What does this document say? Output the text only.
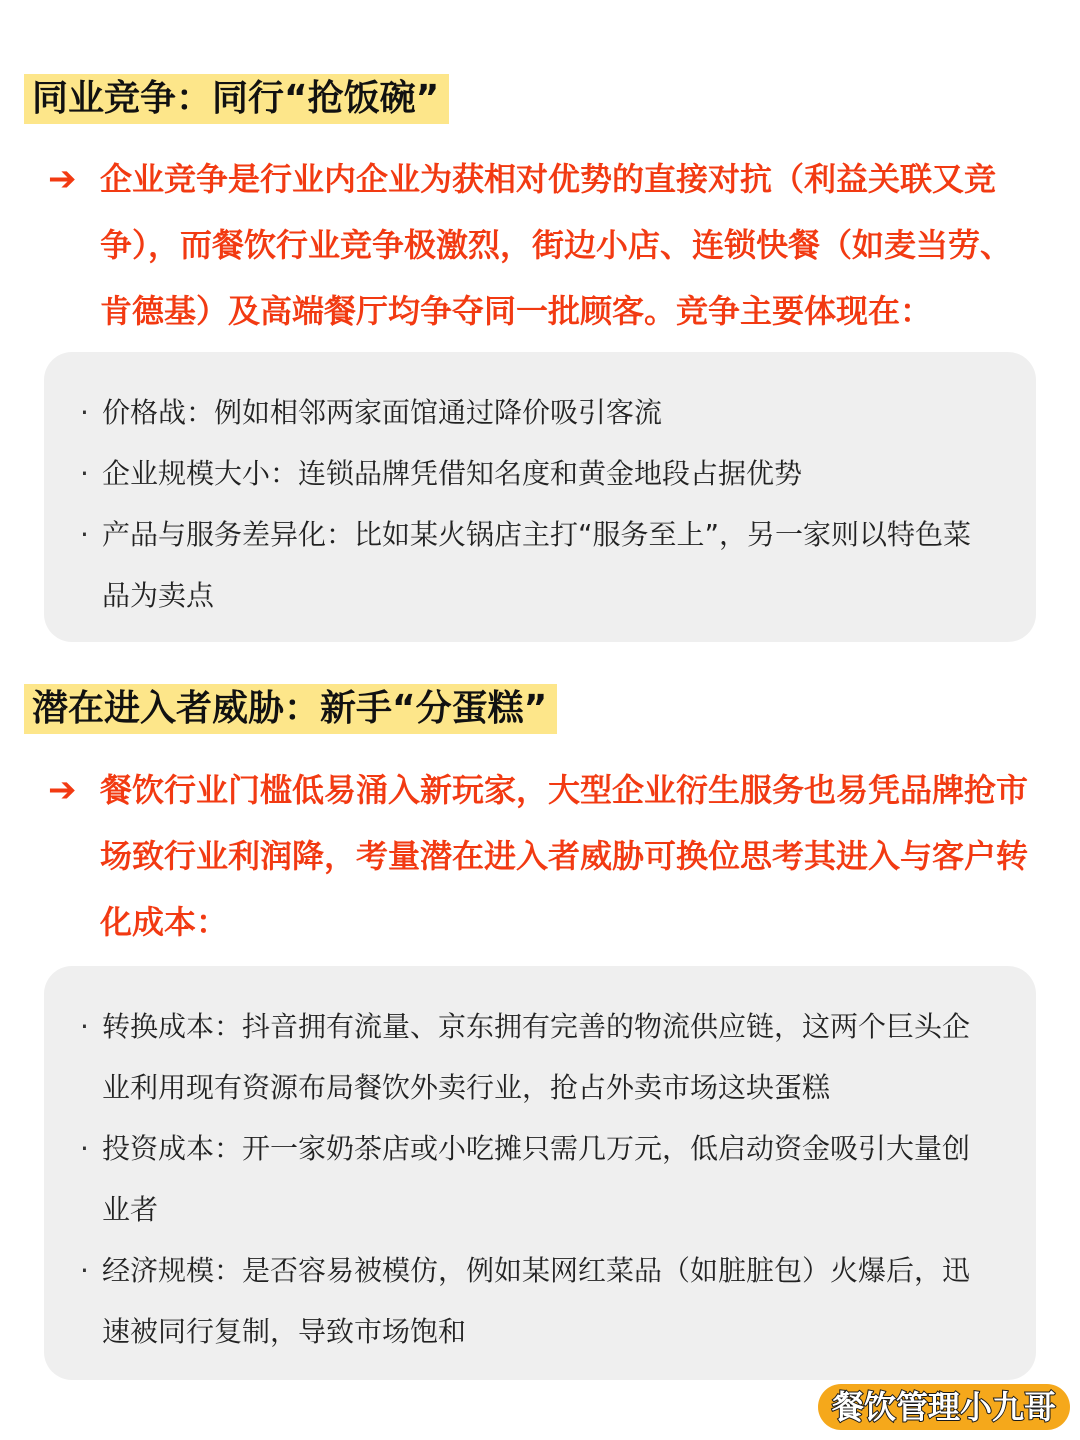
同业竞争：同行“抢饭碗”
➔ 企业竞争是行业内企业为获相对优势的直接对抗（利益关联又竞争），而餐饮行业竞争极激烈，街边小店、连锁快餐（如麦当劳、肯德基）及高端餐厅均争夺同一批顾客。竞争主要体现在：
· 价格战：例如相邻两家面馆通过降价吸引客流
· 企业规模大小：连锁品牌凭借知名度和黄金地段占据优势
· 产品与服务差异化：比如某火锅店主打“服务至上”，另一家则以特色菜品为卖点
潜在进入者威胁：新手“分蛋糕”
➔ 餐饮行业门槛低易涌入新玩家，大型企业衍生服务也易凭品牌抢市场致行业利润降，考量潜在进入者威胁可换位思考其进入与客户转化成本：
· 转换成本：抖音拥有流量、京东拥有完善的物流供应链，这两个巨头企业利用现有资源布局餐饮外卖行业，抢占外卖市场这块蛋糕
· 投资成本：开一家奶茶店或小吃摊只需几万元，低启动资金吸引大量创业者
· 经济规模：是否容易被模仿，例如某网红菜品（如脏脏包）火爆后，迅速被同行复制，导致市场饱和
餐饮管理小九哥
